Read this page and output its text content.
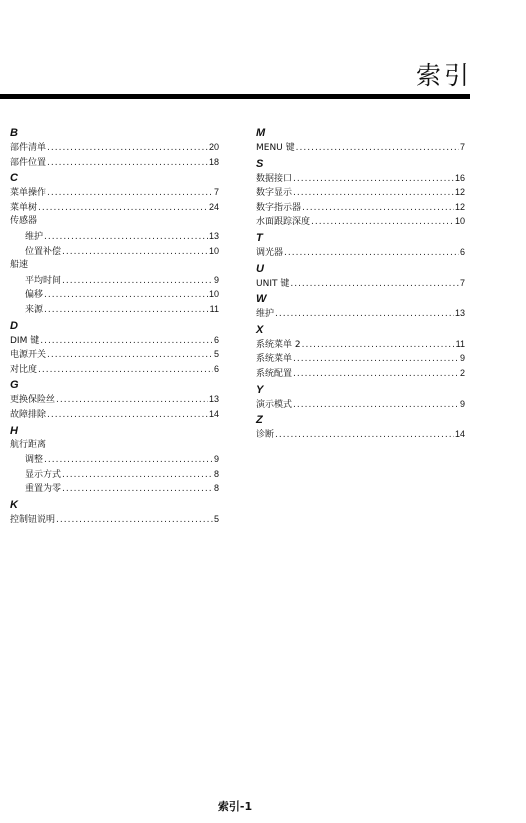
索引
B
部件清单 .....	20
部件位置 .....	18
C
菜单操作 .....	7
菜单树 .....	24
传感器
维护 .....	13
位置补偿 .....	10
船速
平均时间 .....	9
偏移 .....	10
来源 .....	11
D
DIM 键 .....	6
电源开关 .....	5
对比度 .....	6
G
更换保险丝 .....	13
故障排除 .....	14
H
航行距离
调整 .....	9
显示方式 .....	8
重置为零 .....	8
K
控制钮说明 .....	5
M
MENU 键 .....	7
S
数据接口 .....	16
数字显示 .....	12
数字指示器 .....	12
水面跟踪深度 .....	10
T
调光器 .....	6
U
UNIT 键 .....	7
W
维护 .....	13
X
系统菜单 2 .....	11
系统菜单 .....	9
系统配置 .....	2
Y
演示模式 .....	9
Z
诊断 .....	14
索引-1
